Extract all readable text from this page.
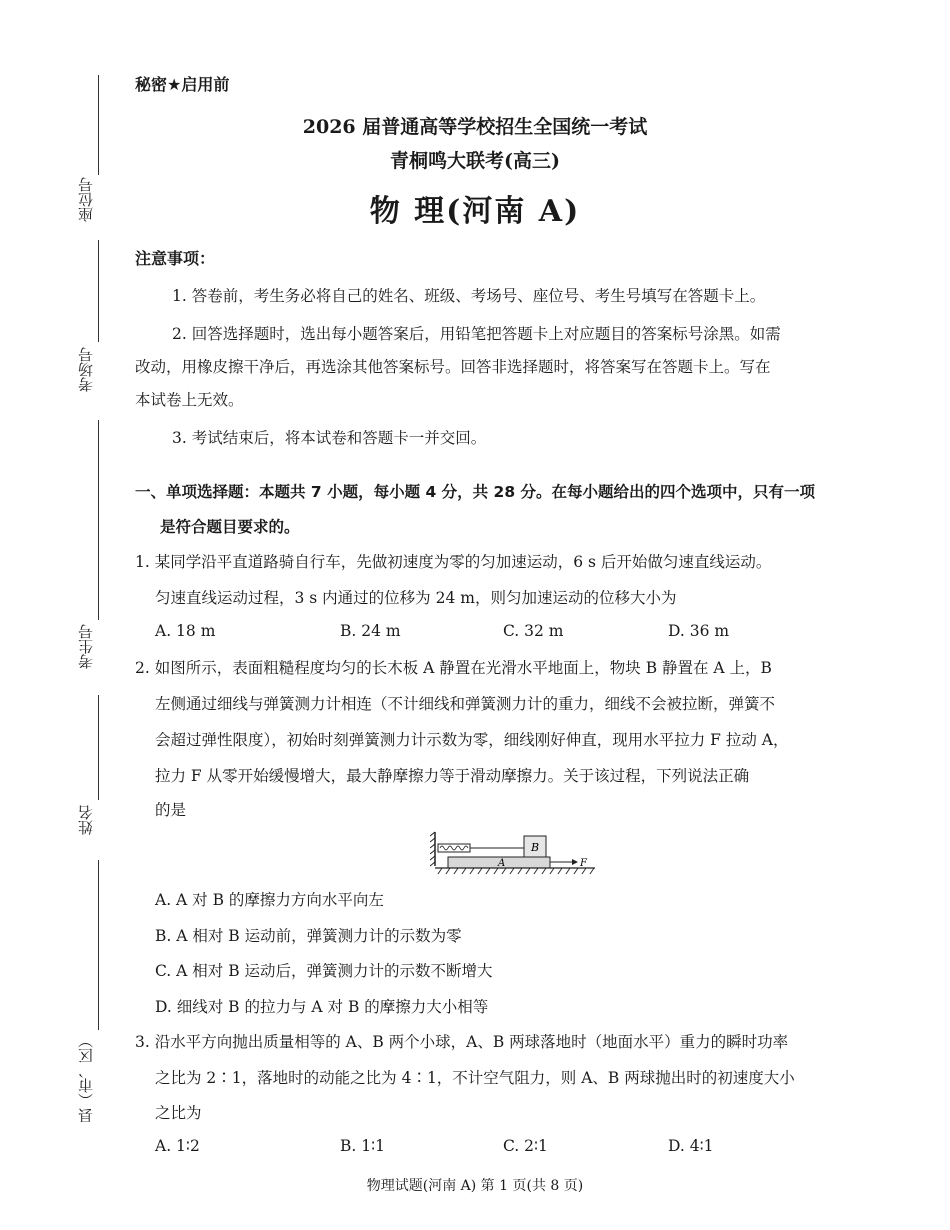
座位号
考场号
考生号
姓名
县（市、区）
秘密★启用前
2026 届普通高等学校招生全国统一考试
青桐鸣大联考(高三)
物 理(河南 A)
注意事项：
1. 答卷前，考生务必将自己的姓名、班级、考场号、座位号、考生号填写在答题卡上。
2. 回答选择题时，选出每小题答案后，用铅笔把答题卡上对应题目的答案标号涂黑。如需
改动，用橡皮擦干净后，再选涂其他答案标号。回答非选择题时，将答案写在答题卡上。写在
本试卷上无效。
3. 考试结束后，将本试卷和答题卡一并交回。
一、单项选择题：本题共 7 小题，每小题 4 分，共 28 分。在每小题给出的四个选项中，只有一项
是符合题目要求的。
1. 某同学沿平直道路骑自行车，先做初速度为零的匀加速运动，6 s 后开始做匀速直线运动。
匀速直线运动过程，3 s 内通过的位移为 24 m，则匀加速运动的位移大小为
A. 18 m	B. 24 m	C. 32 m	D. 36 m
2. 如图所示，表面粗糙程度均匀的长木板 A 静置在光滑水平地面上，物块 B 静置在 A 上，B
左侧通过细线与弹簧测力计相连（不计细线和弹簧测力计的重力，细线不会被拉断，弹簧不
会超过弹性限度），初始时刻弹簧测力计示数为零，细线刚好伸直，现用水平拉力 F 拉动 A，
拉力 F 从零开始缓慢增大，最大静摩擦力等于滑动摩擦力。关于该过程，下列说法正确
的是
B
A	F
A. A 对 B 的摩擦力方向水平向左
B. A 相对 B 运动前，弹簧测力计的示数为零
C. A 相对 B 运动后，弹簧测力计的示数不断增大
D. 细线对 B 的拉力与 A 对 B 的摩擦力大小相等
3. 沿水平方向抛出质量相等的 A、B 两个小球，A、B 两球落地时（地面水平）重力的瞬时功率
之比为 2∶1，落地时的动能之比为 4∶1，不计空气阻力，则 A、B 两球抛出时的初速度大小
之比为
A. 1∶2	B. 1∶1	C. 2∶1	D. 4∶1
物理试题(河南 A) 第 1 页(共 8 页)
